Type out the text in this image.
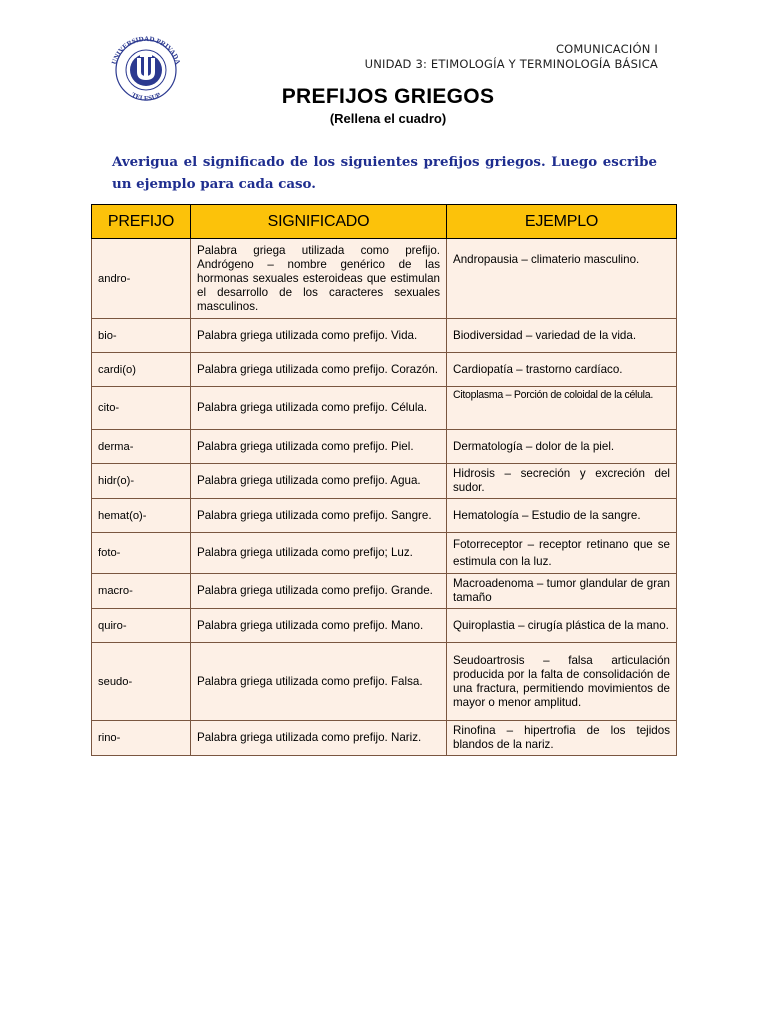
UNIVERSIDAD PRIVADA
TELESUP
COMUNICACIÓN I
UNIDAD 3: ETIMOLOGÍA Y TERMINOLOGÍA BÁSICA
PREFIJOS GRIEGOS
(Rellena el cuadro)
Averigua el significado de los siguientes prefijos griegos. Luego escribe un ejemplo para cada caso.
PREFIJO	SIGNIFICADO	EJEMPLO
andro-	Palabra griega utilizada como prefijo. Andrógeno – nombre genérico de las hormonas sexuales esteroideas que estimulan el desarrollo de los caracteres sexuales masculinos.	Andropausia – climaterio masculino.
bio-	Palabra griega utilizada como prefijo. Vida.	Biodiversidad – variedad de la vida.
cardi(o)	Palabra griega utilizada como prefijo. Corazón.	Cardiopatía – trastorno cardíaco.
cito-	Palabra griega utilizada como prefijo. Célula.	Citoplasma – Porción de coloidal de la célula.
derma-	Palabra griega utilizada como prefijo. Piel.	Dermatología – dolor de la piel.
hidr(o)-	Palabra griega utilizada como prefijo. Agua.	Hidrosis – secreción y excreción del sudor.
hemat(o)-	Palabra griega utilizada como prefijo. Sangre.	Hematología – Estudio de la sangre.
foto-	Palabra griega utilizada como prefijo; Luz.	Fotorreceptor – receptor retinano que se estimula con la luz.
macro-	Palabra griega utilizada como prefijo. Grande.	Macroadenoma – tumor glandular de gran tamaño
quiro-	Palabra griega utilizada como prefijo. Mano.	Quiroplastia – cirugía plástica de la mano.
seudo-	Palabra griega utilizada como prefijo. Falsa.	Seudoartrosis – falsa articulación producida por la falta de consolidación de una fractura, permitiendo movimientos de mayor o menor amplitud.
rino-	Palabra griega utilizada como prefijo. Nariz.	Rinofina – hipertrofia de los tejidos blandos de la nariz.
